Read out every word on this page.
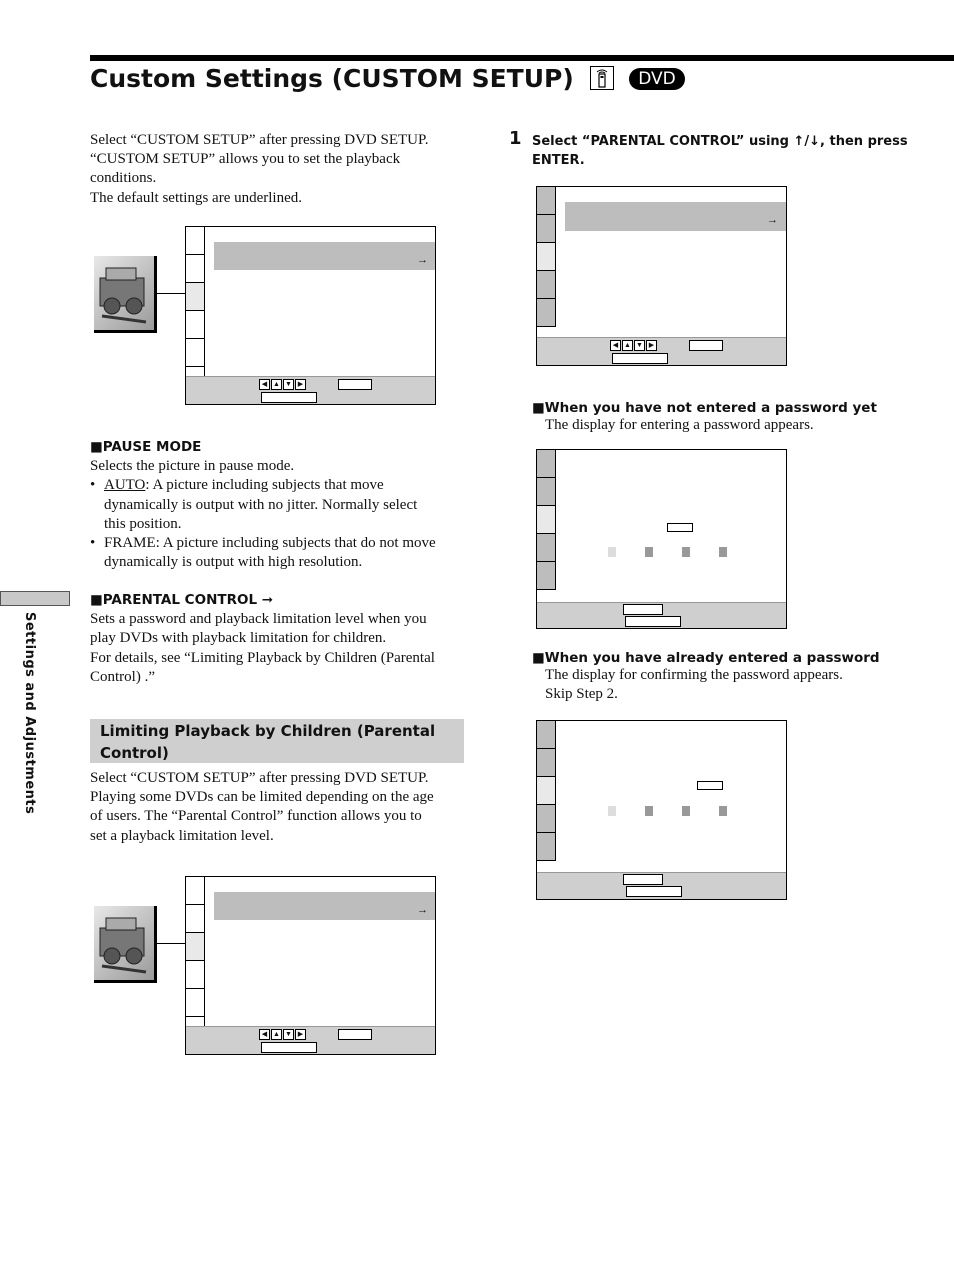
Custom Settings (CUSTOM SETUP)	DVD
Select “CUSTOM SETUP” after pressing DVD SETUP.
“CUSTOM SETUP” allows you to set the playback
conditions.
The default settings are underlined.
→
◀ ▲ ▼ ▶
■PAUSE MODE
Selects the picture in pause mode.
• AUTO: A picture including subjects that move
dynamically is output with no jitter. Normally select
this position.
• FRAME: A picture including subjects that do not move
dynamically is output with high resolution.
■PARENTAL CONTROL ➞
Sets a password and playback limitation level when you
play DVDs with playback limitation for children.
For details, see “Limiting Playback by Children (Parental
Control) .”
Settings and Adjustments	Limiting Playback by Children (Parental
Control)
Select “CUSTOM SETUP” after pressing DVD SETUP.
Playing some DVDs can be limited depending on the age
of users. The “Parental Control” function allows you to
set a playback limitation level.
→
◀ ▲ ▼ ▶
1 Select “PARENTAL CONTROL” using ↑/↓, then press
ENTER.
→
◀ ▲ ▼ ▶
■When you have not entered a password yet
The display for entering a password appears.
■When you have already entered a password
The display for confirming the password appears.
Skip Step 2.
